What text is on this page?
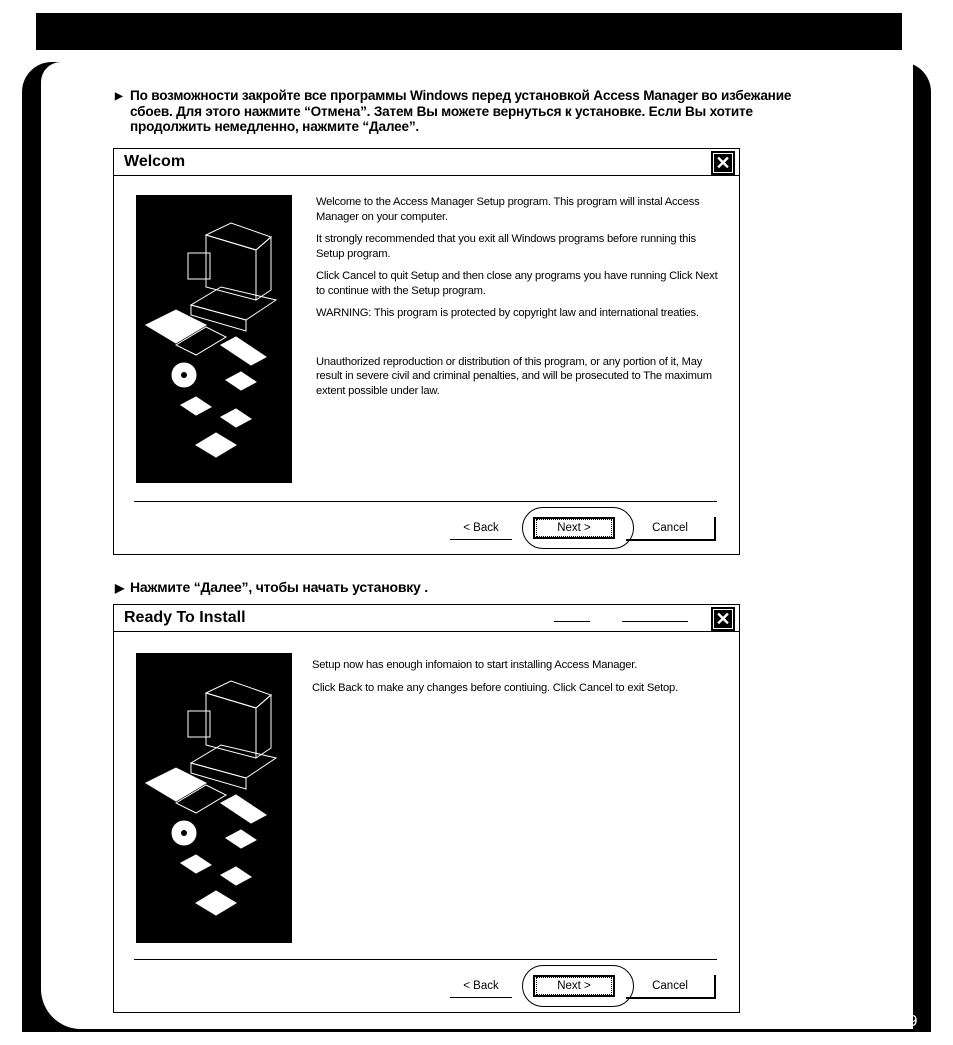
9
▶ По возможности закройте все программы Windows перед установкой Access Manager во избежание сбоев. Для этого нажмите “Отмена”. Затем Вы можете вернуться к установке. Если Вы хотите продолжить немедленно, нажмите “Далее”.
Welcom	✕

Welcome to the Access Manager Setup program. This program will instal Access Manager on your computer.

It strongly recommended that you exit all Windows programs before running this Setup program.

Click Cancel to quit Setup and then close any programs you have running Click Next to continue with the Setup program.

WARNING: This program is protected by copyright law and international treaties.

Unauthorized reproduction or distribution of this program, or any portion of it, May result in severe civil and criminal penalties, and will be prosecuted to The maximum extent possible under law.

< Back	Next >	Cancel
▶ Нажмите “Далее”, чтобы начать установку .
Ready To Install	✕

Setup now has enough infomaion to start installing Access Manager.

Click Back to make any changes before contiuing. Click Cancel to exit Setop.

< Back	Next >	Cancel
